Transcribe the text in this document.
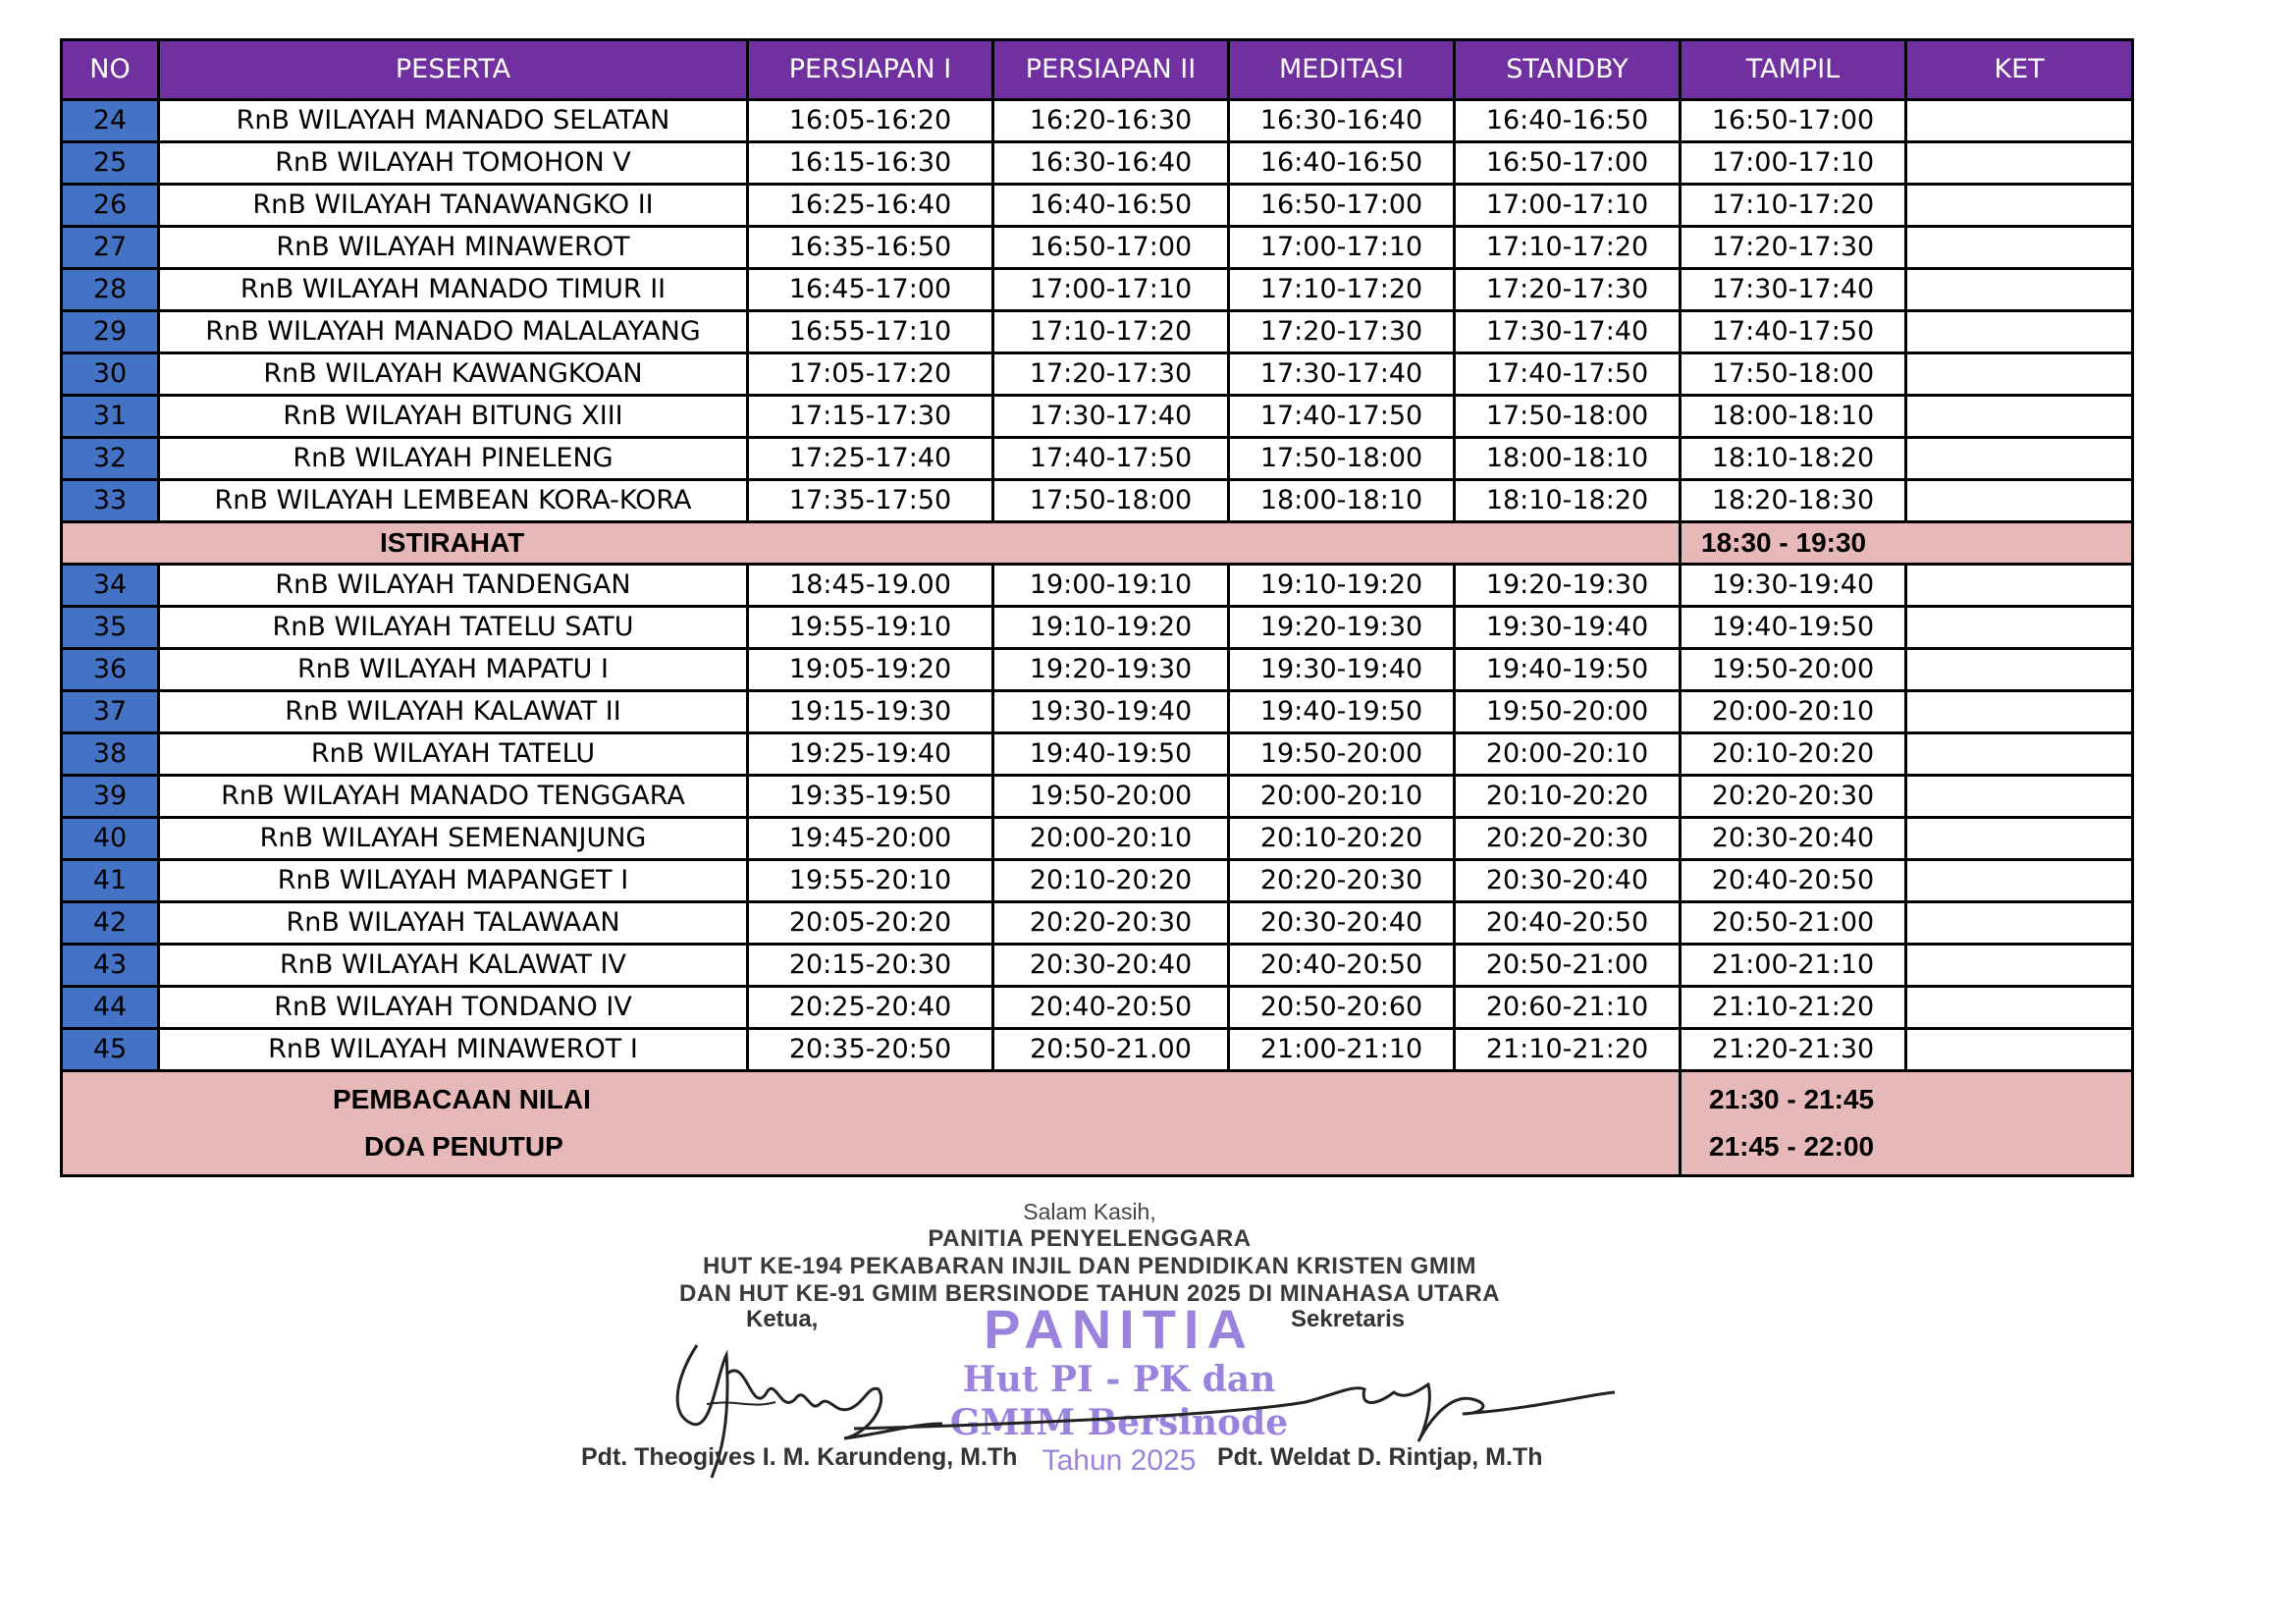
NO	PESERTA	PERSIAPAN I	PERSIAPAN II	MEDITASI	STANDBY	TAMPIL	KET
24	RnB WILAYAH MANADO SELATAN	16:05-16:20	16:20-16:30	16:30-16:40	16:40-16:50	16:50-17:00	
25	RnB WILAYAH TOMOHON V	16:15-16:30	16:30-16:40	16:40-16:50	16:50-17:00	17:00-17:10	
26	RnB WILAYAH TANAWANGKO II	16:25-16:40	16:40-16:50	16:50-17:00	17:00-17:10	17:10-17:20	
27	RnB WILAYAH MINAWEROT	16:35-16:50	16:50-17:00	17:00-17:10	17:10-17:20	17:20-17:30	
28	RnB WILAYAH MANADO TIMUR II	16:45-17:00	17:00-17:10	17:10-17:20	17:20-17:30	17:30-17:40	
29	RnB WILAYAH MANADO MALALAYANG	16:55-17:10	17:10-17:20	17:20-17:30	17:30-17:40	17:40-17:50	
30	RnB WILAYAH KAWANGKOAN	17:05-17:20	17:20-17:30	17:30-17:40	17:40-17:50	17:50-18:00	
31	RnB WILAYAH BITUNG XIII	17:15-17:30	17:30-17:40	17:40-17:50	17:50-18:00	18:00-18:10	
32	RnB WILAYAH PINELENG	17:25-17:40	17:40-17:50	17:50-18:00	18:00-18:10	18:10-18:20	
33	RnB WILAYAH LEMBEAN KORA-KORA	17:35-17:50	17:50-18:00	18:00-18:10	18:10-18:20	18:20-18:30	
ISTIRAHAT						18:30 - 19:30	
34	RnB WILAYAH TANDENGAN	18:45-19.00	19:00-19:10	19:10-19:20	19:20-19:30	19:30-19:40	
35	RnB WILAYAH TATELU SATU	19:55-19:10	19:10-19:20	19:20-19:30	19:30-19:40	19:40-19:50	
36	RnB WILAYAH MAPATU I	19:05-19:20	19:20-19:30	19:30-19:40	19:40-19:50	19:50-20:00	
37	RnB WILAYAH KALAWAT II	19:15-19:30	19:30-19:40	19:40-19:50	19:50-20:00	20:00-20:10	
38	RnB WILAYAH TATELU	19:25-19:40	19:40-19:50	19:50-20:00	20:00-20:10	20:10-20:20	
39	RnB WILAYAH MANADO TENGGARA	19:35-19:50	19:50-20:00	20:00-20:10	20:10-20:20	20:20-20:30	
40	RnB WILAYAH SEMENANJUNG	19:45-20:00	20:00-20:10	20:10-20:20	20:20-20:30	20:30-20:40	
41	RnB WILAYAH MAPANGET I	19:55-20:10	20:10-20:20	20:20-20:30	20:30-20:40	20:40-20:50	
42	RnB WILAYAH TALAWAAN	20:05-20:20	20:20-20:30	20:30-20:40	20:40-20:50	20:50-21:00	
43	RnB WILAYAH KALAWAT IV	20:15-20:30	20:30-20:40	20:40-20:50	20:50-21:00	21:00-21:10	
44	RnB WILAYAH TONDANO IV	20:25-20:40	20:40-20:50	20:50-20:60	20:60-21:10	21:10-21:20	
45	RnB WILAYAH MINAWEROT I	20:35-20:50	20:50-21.00	21:00-21:10	21:10-21:20	21:20-21:30	
PEMBACAAN NILAI						21:30 - 21:45	
DOA PENUTUP						21:45 - 22:00	
Salam Kasih,
PANITIA PENYELENGGARA
HUT KE-194 PEKABARAN INJIL DAN PENDIDIKAN KRISTEN GMIM
DAN HUT KE-91 GMIM BERSINODE TAHUN 2025 DI MINAHASA UTARA
Ketua,	Sekretaris
PANITIA
Hut PI - PK dan
GMIM Bersinode
Tahun 2025
Pdt. Theogives I. M. Karundeng, M.Th	Pdt. Weldat D. Rintjap, M.Th
